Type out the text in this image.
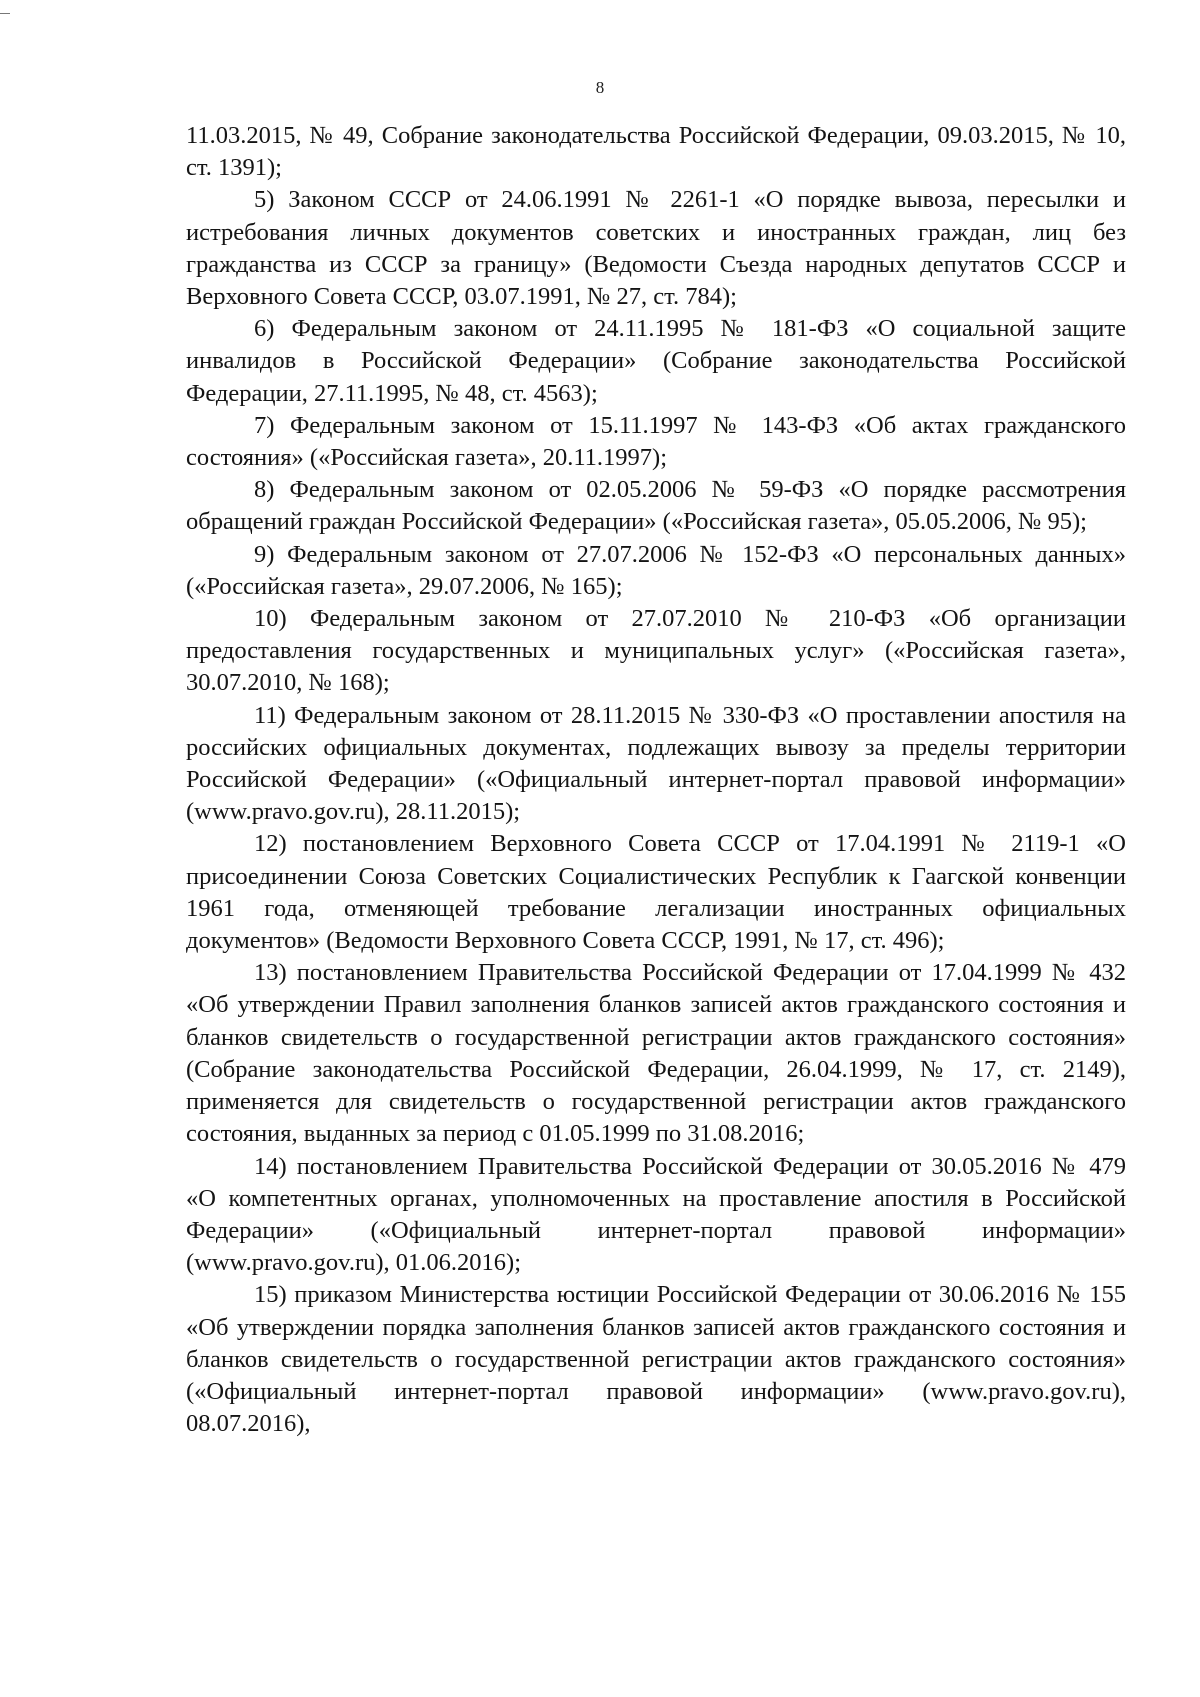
8

11.03.2015, № 49, Собрание законодательства Российской Федерации, 09.03.2015, № 10, ст. 1391);

5) Законом СССР от 24.06.1991 № 2261-1 «О порядке вывоза, пересылки и истребования личных документов советских и иностранных граждан, лиц без гражданства из СССР за границу» (Ведомости Съезда народных депутатов СССР и Верховного Совета СССР, 03.07.1991, № 27, ст. 784);

6) Федеральным законом от 24.11.1995 № 181-ФЗ «О социальной защите инвалидов в Российской Федерации» (Собрание законодательства Российской Федерации, 27.11.1995, № 48, ст. 4563);

7) Федеральным законом от 15.11.1997 № 143-ФЗ «Об актах гражданского состояния» («Российская газета», 20.11.1997);

8) Федеральным законом от 02.05.2006 № 59-ФЗ «О порядке рассмотрения обращений граждан Российской Федерации» («Российская газета», 05.05.2006, № 95);

9) Федеральным законом от 27.07.2006 № 152-ФЗ «О персональных данных» («Российская газета», 29.07.2006, № 165);

10) Федеральным законом от 27.07.2010 № 210-ФЗ «Об организации предоставления государственных и муниципальных услуг» («Российская газета», 30.07.2010, № 168);

11) Федеральным законом от 28.11.2015 № 330-ФЗ «О проставлении апостиля на российских официальных документах, подлежащих вывозу за пределы территории Российской Федерации» («Официальный интернет-портал правовой информации» (www.pravo.gov.ru), 28.11.2015);

12) постановлением Верховного Совета СССР от 17.04.1991 № 2119-1 «О присоединении Союза Советских Социалистических Республик к Гаагской конвенции 1961 года, отменяющей требование легализации иностранных официальных документов» (Ведомости Верховного Совета СССР, 1991, № 17, ст. 496);

13) постановлением Правительства Российской Федерации от 17.04.1999 № 432 «Об утверждении Правил заполнения бланков записей актов гражданского состояния и бланков свидетельств о государственной регистрации актов гражданского состояния» (Собрание законодательства Российской Федерации, 26.04.1999, № 17, ст. 2149), применяется для свидетельств о государственной регистрации актов гражданского состояния, выданных за период с 01.05.1999 по 31.08.2016;

14) постановлением Правительства Российской Федерации от 30.05.2016 № 479 «О компетентных органах, уполномоченных на проставление апостиля в Российской Федерации» («Официальный интернет-портал правовой информации» (www.pravo.gov.ru), 01.06.2016);

15) приказом Министерства юстиции Российской Федерации от 30.06.2016 № 155 «Об утверждении порядка заполнения бланков записей актов гражданского состояния и бланков свидетельств о государственной регистрации актов гражданского состояния» («Официальный интернет-портал правовой информации» (www.pravo.gov.ru), 08.07.2016),
